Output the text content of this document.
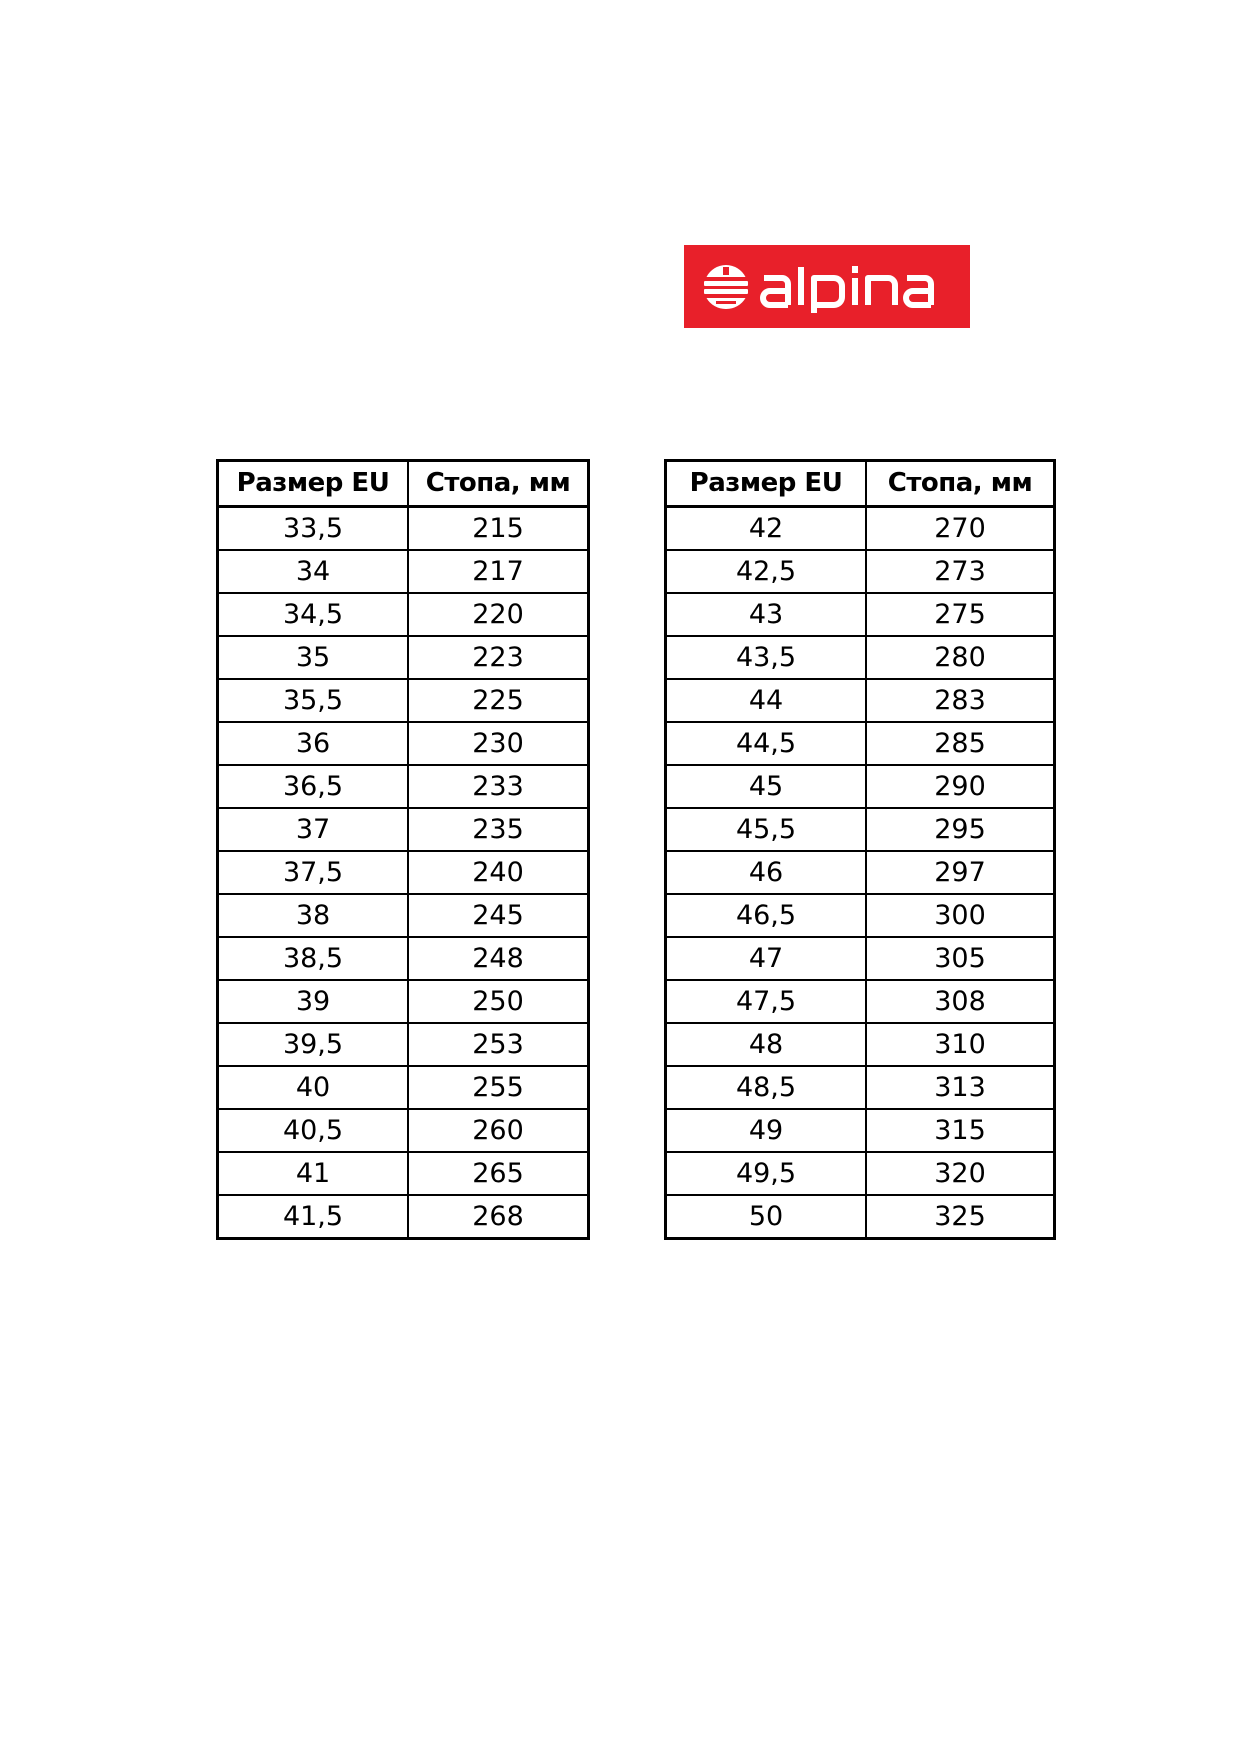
Размер EU	Стопа, мм
33,5	215
34	217
34,5	220
35	223
35,5	225
36	230
36,5	233
37	235
37,5	240
38	245
38,5	248
39	250
39,5	253
40	255
40,5	260
41	265
41,5	268
Размер EU	Стопа, мм
42	270
42,5	273
43	275
43,5	280
44	283
44,5	285
45	290
45,5	295
46	297
46,5	300
47	305
47,5	308
48	310
48,5	313
49	315
49,5	320
50	325
